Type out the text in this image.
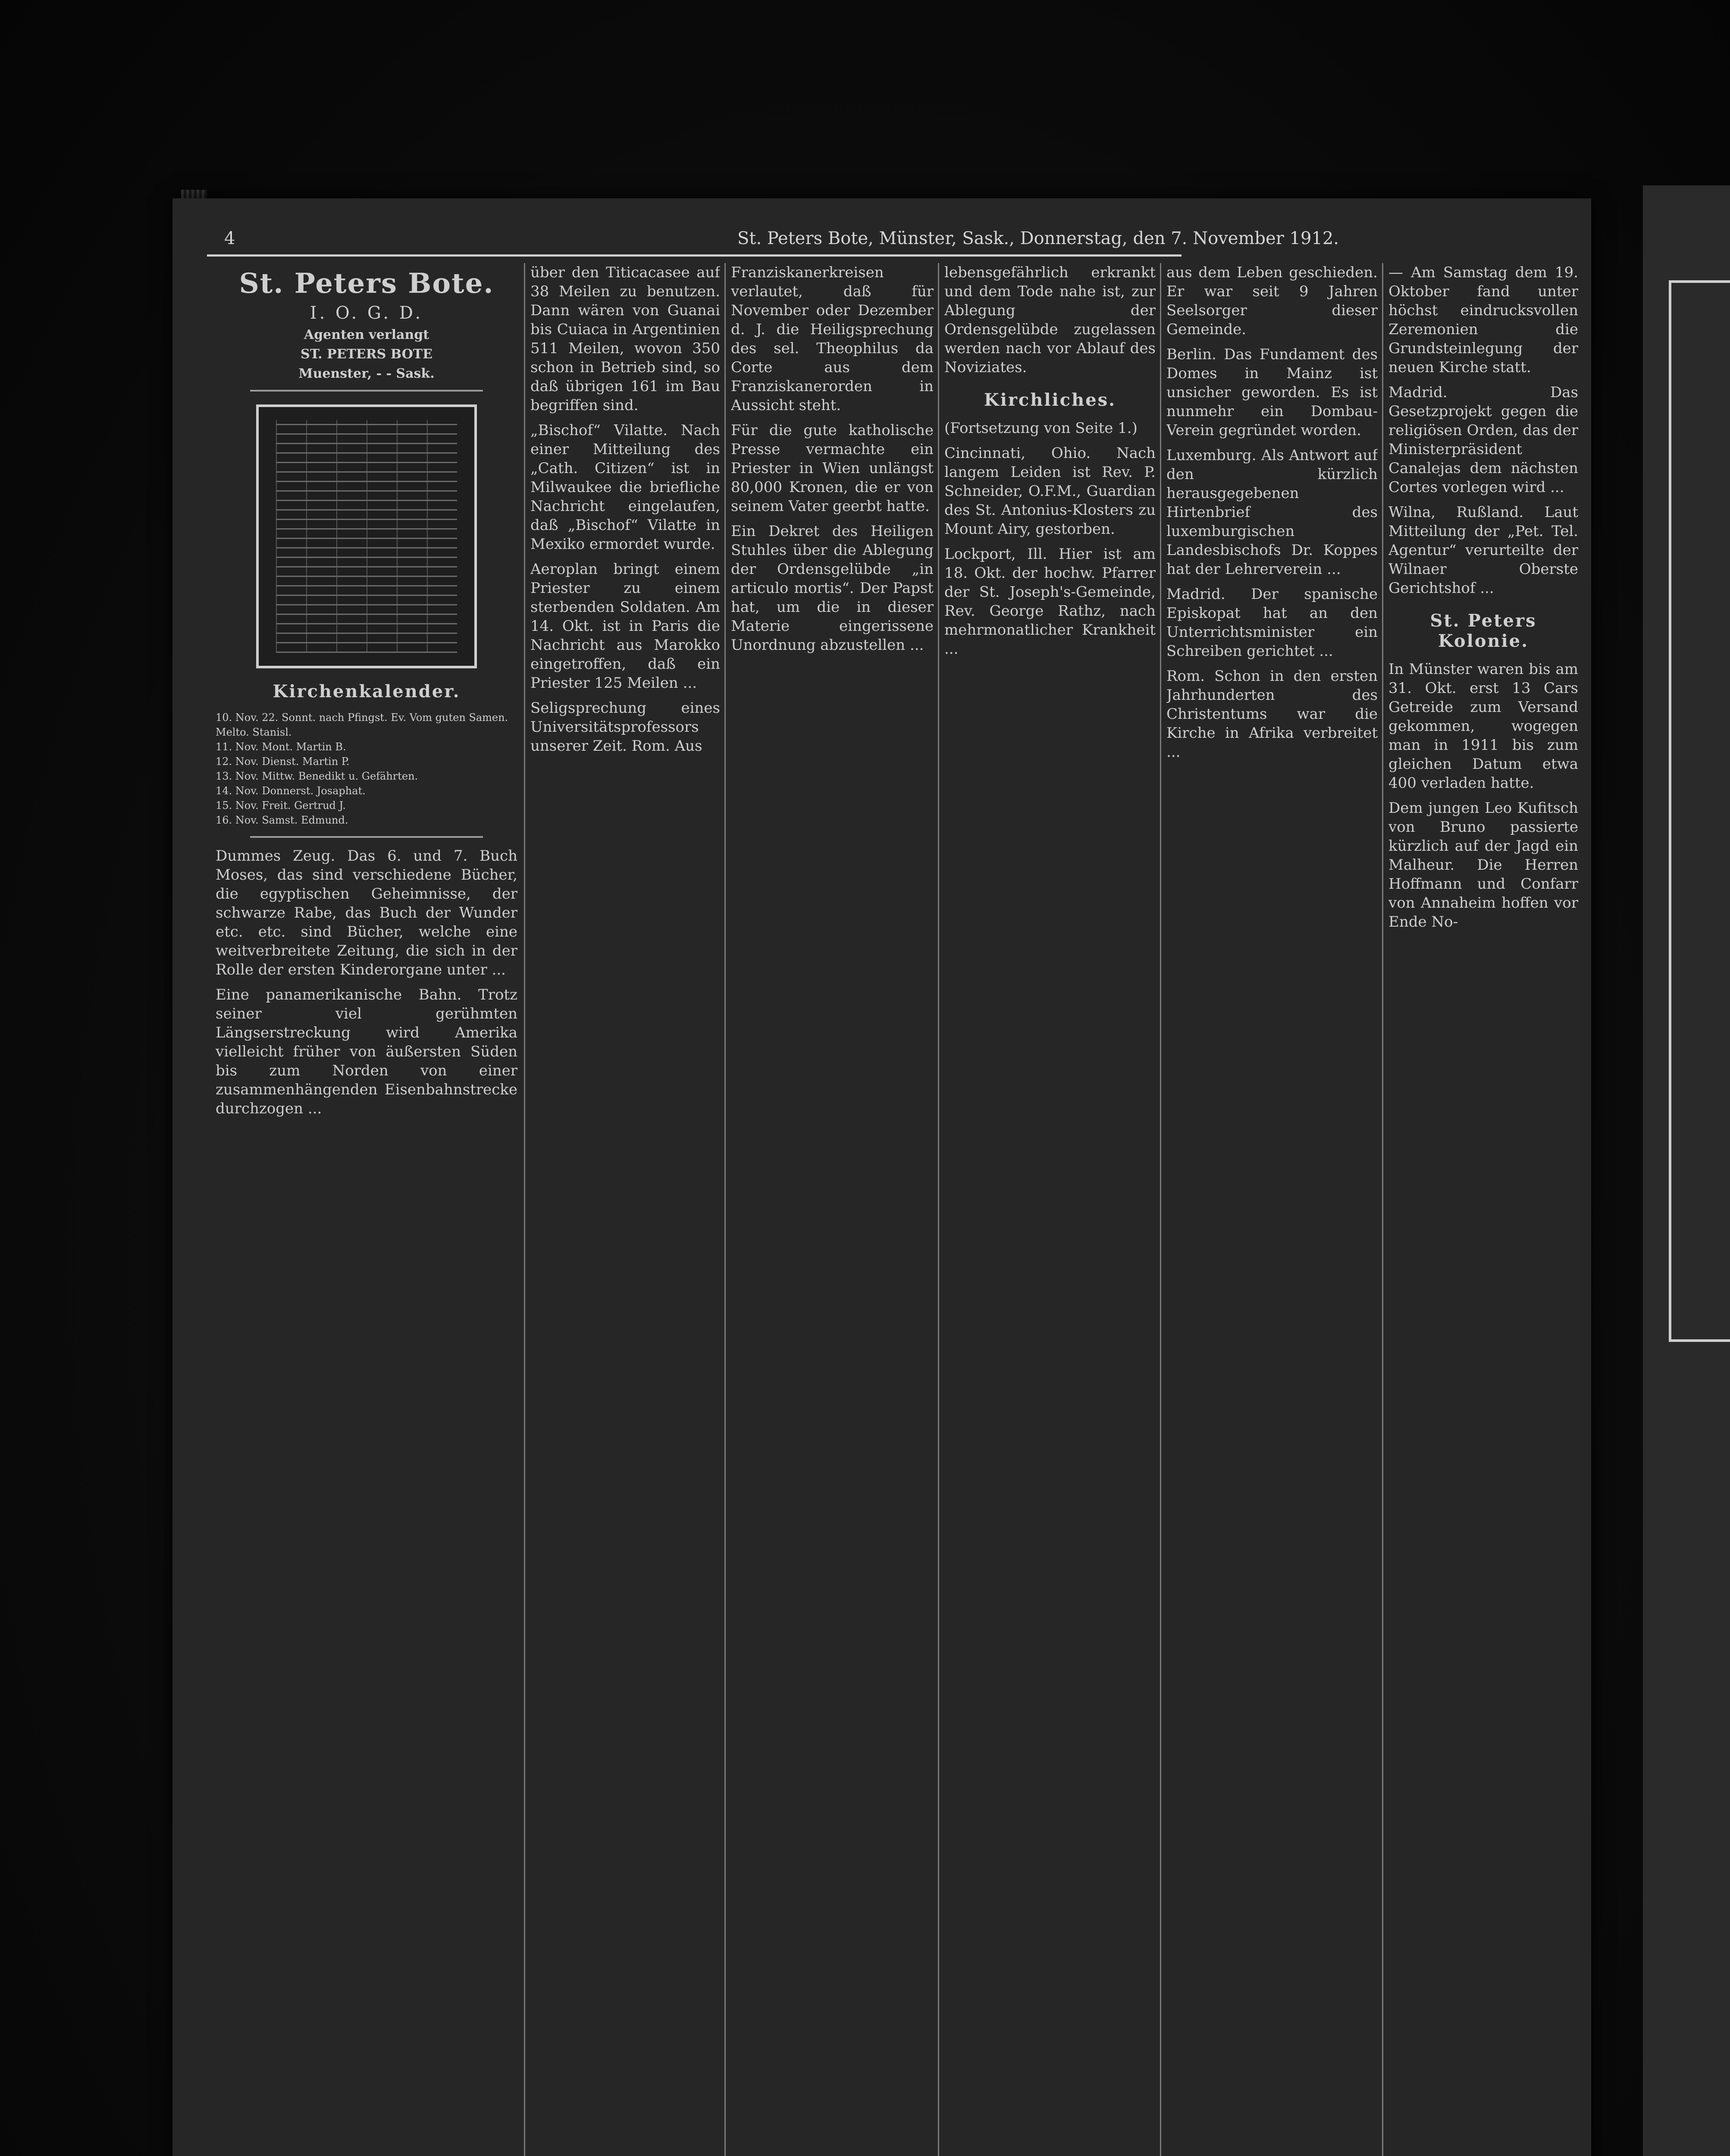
4	St. Peters Bote, Münster, Sask., Donnerstag, den 7. November 1912.
St. Peters Bote.
I. O. G. D.
Agenten verlangt
ST. PETERS BOTE
Muenster, - - Sask.
Kirchenkalender.
10. Nov. 22. Sonnt. nach Pfingst. Ev. Vom guten Samen. Melto. Stanisl.
11. Nov. Mont. Martin B.
12. Nov. Dienst. Martin P.
13. Nov. Mittw. Benedikt u. Gefährten.
14. Nov. Donnerst. Josaphat.
15. Nov. Freit. Gertrud J.
16. Nov. Samst. Edmund.

Dummes Zeug. Das 6. und 7. Buch Moses, das sind verschiedene Bücher, die egyptischen Geheimnisse, der schwarze Rabe, das Buch der Wunder etc. etc. sind Bücher, welche eine weitverbreitete Zeitung, die sich in der Rolle der ersten Kinderorgane unter ...

Eine panamerikanische Bahn. Trotz seiner viel gerühmten Längserstreckung wird Amerika vielleicht früher von äußersten Süden bis zum Norden von einer zusammenhängenden Eisenbahnstrecke durchzogen ...

über den Titicacasee auf 38 Meilen zu benutzen. Dann wären von Guanai bis Cuiaca in Argentinien 511 Meilen, wovon 350 schon in Betrieb sind, so daß übrigen 161 im Bau begriffen sind.

„Bischof“ Vilatte. Nach einer Mitteilung des „Cath. Citizen“ ist in Milwaukee die briefliche Nachricht eingelaufen, daß „Bischof“ Vilatte in Mexiko ermordet wurde.

Aeroplan bringt einem Priester zu einem sterbenden Soldaten. Am 14. Okt. ist in Paris die Nachricht aus Marokko eingetroffen, daß ein Priester 125 Meilen ...

Seligsprechung eines Universitätsprofessors unserer Zeit. Rom. Aus

Franziskanerkreisen verlautet, daß für November oder Dezember d. J. die Heiligsprechung des sel. Theophilus da Corte aus dem Franziskanerorden in Aussicht steht.

Für die gute katholische Presse vermachte ein Priester in Wien unlängst 80,000 Kronen, die er von seinem Vater geerbt hatte.

Ein Dekret des Heiligen Stuhles über die Ablegung der Ordensgelübde „in articulo mortis“. Der Papst hat, um die in dieser Materie eingerissene Unordnung abzustellen ...

lebensgefährlich erkrankt und dem Tode nahe ist, zur Ablegung der Ordensgelübde zugelassen werden nach vor Ablauf des Noviziates.

Kirchliches.

(Fortsetzung von Seite 1.)

Cincinnati, Ohio. Nach langem Leiden ist Rev. P. Schneider, O.F.M., Guardian des St. Antonius-Klosters zu Mount Airy, gestorben.

Lockport, Ill. Hier ist am 18. Okt. der hochw. Pfarrer der St. Joseph's-Gemeinde, Rev. George Rathz, nach mehrmonatlicher Krankheit ...

aus dem Leben geschieden. Er war seit 9 Jahren Seelsorger dieser Gemeinde.

Berlin. Das Fundament des Domes in Mainz ist unsicher geworden. Es ist nunmehr ein Dombau-Verein gegründet worden.

Luxemburg. Als Antwort auf den kürzlich herausgegebenen Hirtenbrief des luxemburgischen Landesbischofs Dr. Koppes hat der Lehrerverein ...

Madrid. Der spanische Episkopat hat an den Unterrichtsminister ein Schreiben gerichtet ...

Rom. Schon in den ersten Jahrhunderten des Christentums war die Kirche in Afrika verbreitet ...

— Am Samstag dem 19. Oktober fand unter höchst eindrucksvollen Zeremonien die Grundsteinlegung der neuen Kirche statt.

Madrid. Das Gesetzprojekt gegen die religiösen Orden, das der Ministerpräsident Canalejas dem nächsten Cortes vorlegen wird ...

Wilna, Rußland. Laut Mitteilung der „Pet. Tel. Agentur“ verurteilte der Wilnaer Oberste Gerichtshof ...

St. Peters Kolonie.

In Münster waren bis am 31. Okt. erst 13 Cars Getreide zum Versand gekommen, wogegen man in 1911 bis zum gleichen Datum etwa 400 verladen hatte.

Dem jungen Leo Kufitsch von Bruno passierte kürzlich auf der Jagd ein Malheur. Die Herren Hoffmann und Confarr von Annaheim hoffen vor Ende No-
